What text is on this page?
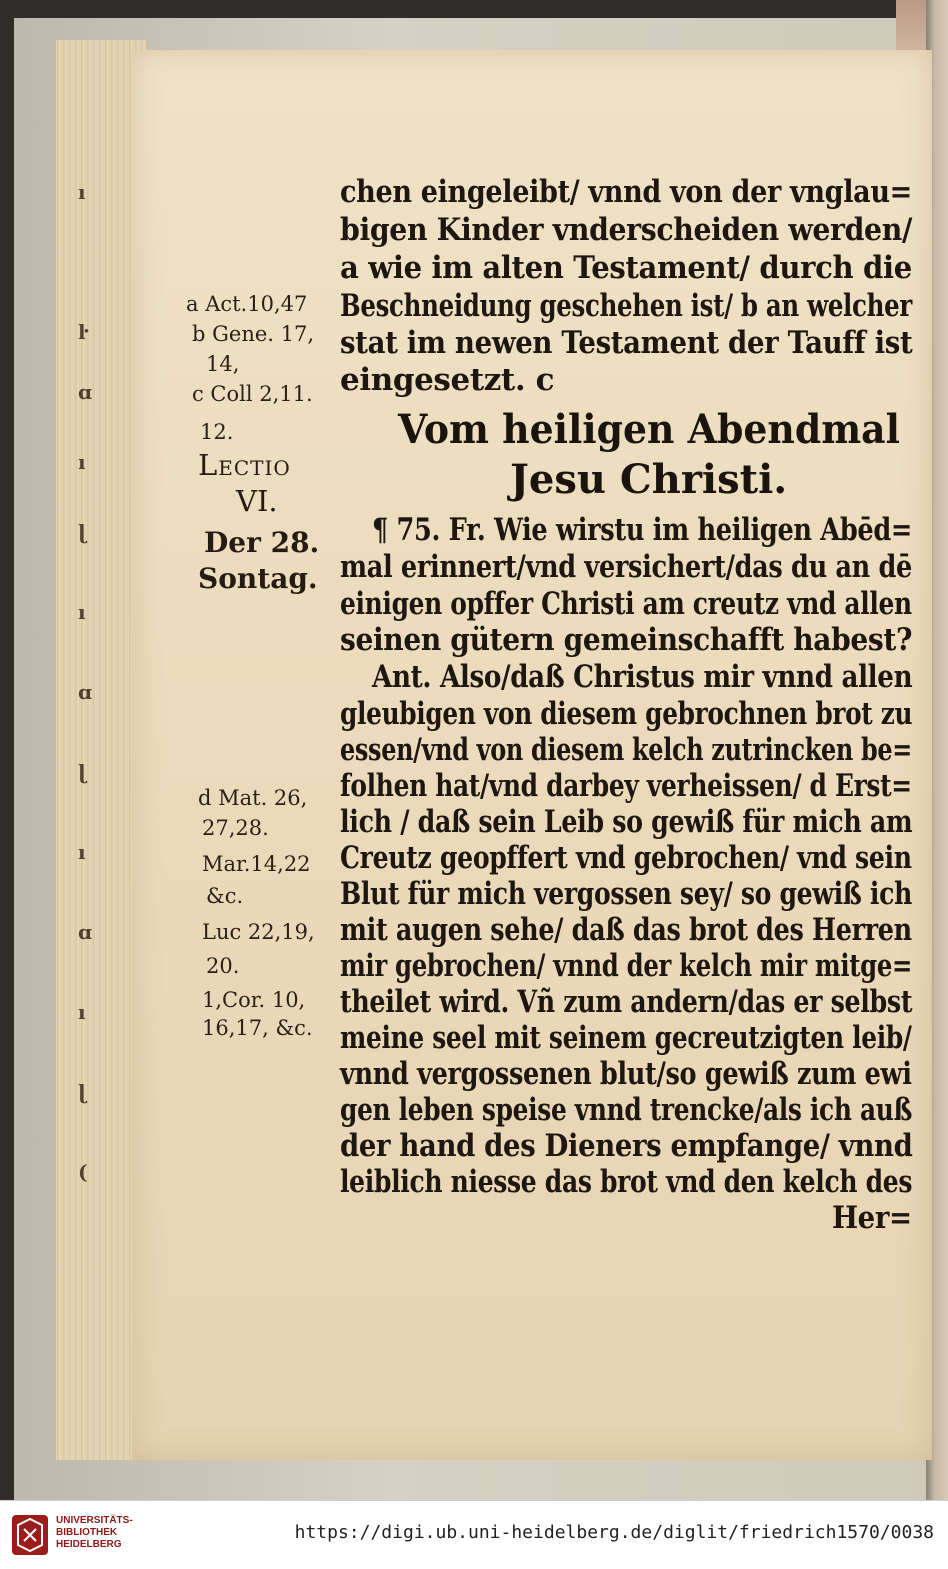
ı
ŀ
ɑ
ı
ɭ
ı
ɑ
ɭ
ı
ɑ
ı
ɭ
(
chen eingeleibt/ vnnd von der vnglau=
bigen Kinder vnderscheiden werden/
a wie im alten Testament/ durch die
Beschneidung geschehen ist/ b an welcher
stat im newen Testament der Tauff ist
eingesetzt. c
Vom heiligen Abendmal
Jesu Christi.
¶ 75. Fr. Wie wirstu im heiligen Abēd=
mal erinnert/vnd versichert/das du an dē
einigen opffer Christi am creutz vnd allen
seinen gütern gemeinschafft habest?
Ant. Also/daß Christus mir vnnd allen
gleubigen von diesem gebrochnen brot zu
essen/vnd von diesem kelch zutrincken be=
folhen hat/vnd darbey verheissen/ d Erst=
lich / daß sein Leib so gewiß für mich am
Creutz geopffert vnd gebrochen/ vnd sein
Blut für mich vergossen sey/ so gewiß ich
mit augen sehe/ daß das brot des Herren
mir gebrochen/ vnnd der kelch mir mitge=
theilet wird. Vñ zum andern/das er selbst
meine seel mit seinem gecreutzigten leib/
vnnd vergossenen blut/so gewiß zum ewi
gen leben speise vnnd trencke/als ich auß
der hand des Dieners empfange/ vnnd
leiblich niesse das brot vnd den kelch des
Her=
a Act.10,47
b Gene. 17,
14,
c Coll 2,11.
12.
Lectio
VI.
Der 28.
Sontag.
d Mat. 26,
27,28.
Mar.14,22
&c.
Luc 22,19,
20.
1,Cor. 10,
16,17, &c.
UNIVERSITÄTS-
BIBLIOTHEK
HEIDELBERG
https://digi.ub.uni-heidelberg.de/diglit/friedrich1570/0038
